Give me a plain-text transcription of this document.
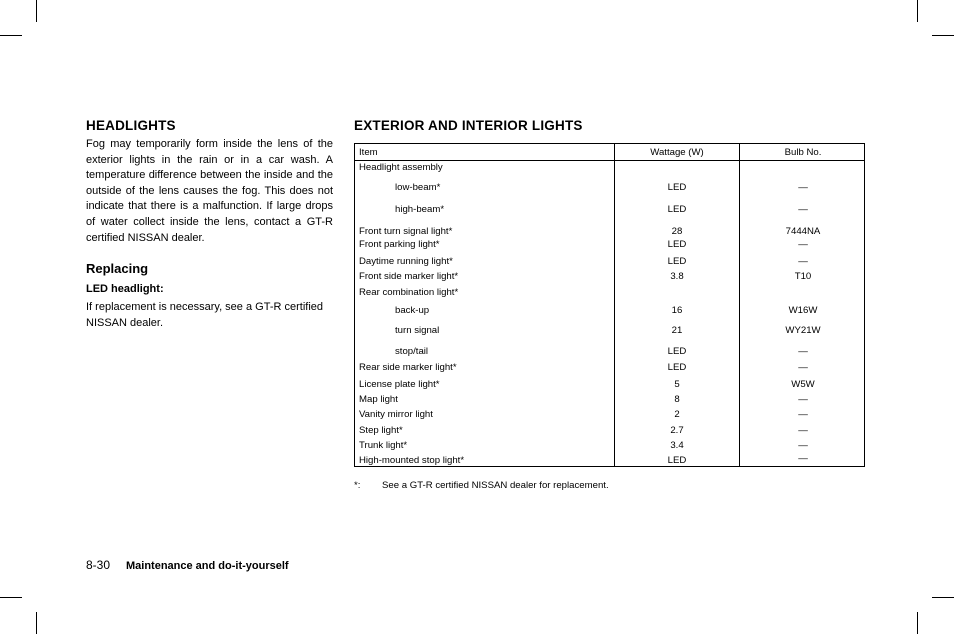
HEADLIGHTS

Fog may temporarily form inside the lens of the exterior lights in the rain or in a car wash. A temperature difference between the inside and the outside of the lens causes the fog. This does not indicate that there is a malfunction. If large drops of water collect inside the lens, contact a GT-R certified NISSAN dealer.

Replacing
LED headlight:

If replacement is necessary, see a GT-R certified NISSAN dealer.

EXTERIOR AND INTERIOR LIGHTS
Item	Wattage (W)	Bulb No.
Headlight assembly
low-beam*	LED	—
high-beam*	LED	—
Front turn signal light*	28	7444NA
Front parking light*	LED	—
Daytime running light*	LED	—
Front side marker light*	3.8	T10
Rear combination light*
back-up	16	W16W
turn signal	21	WY21W
stop/tail	LED	—
Rear side marker light*	LED	—
License plate light*	5	W5W
Map light	8	—
Vanity mirror light	2	—
Step light*	2.7	—
Trunk light*	3.4	—
High-mounted stop light*	LED	—
*: See a GT-R certified NISSAN dealer for replacement.
8-30 Maintenance and do-it-yourself
